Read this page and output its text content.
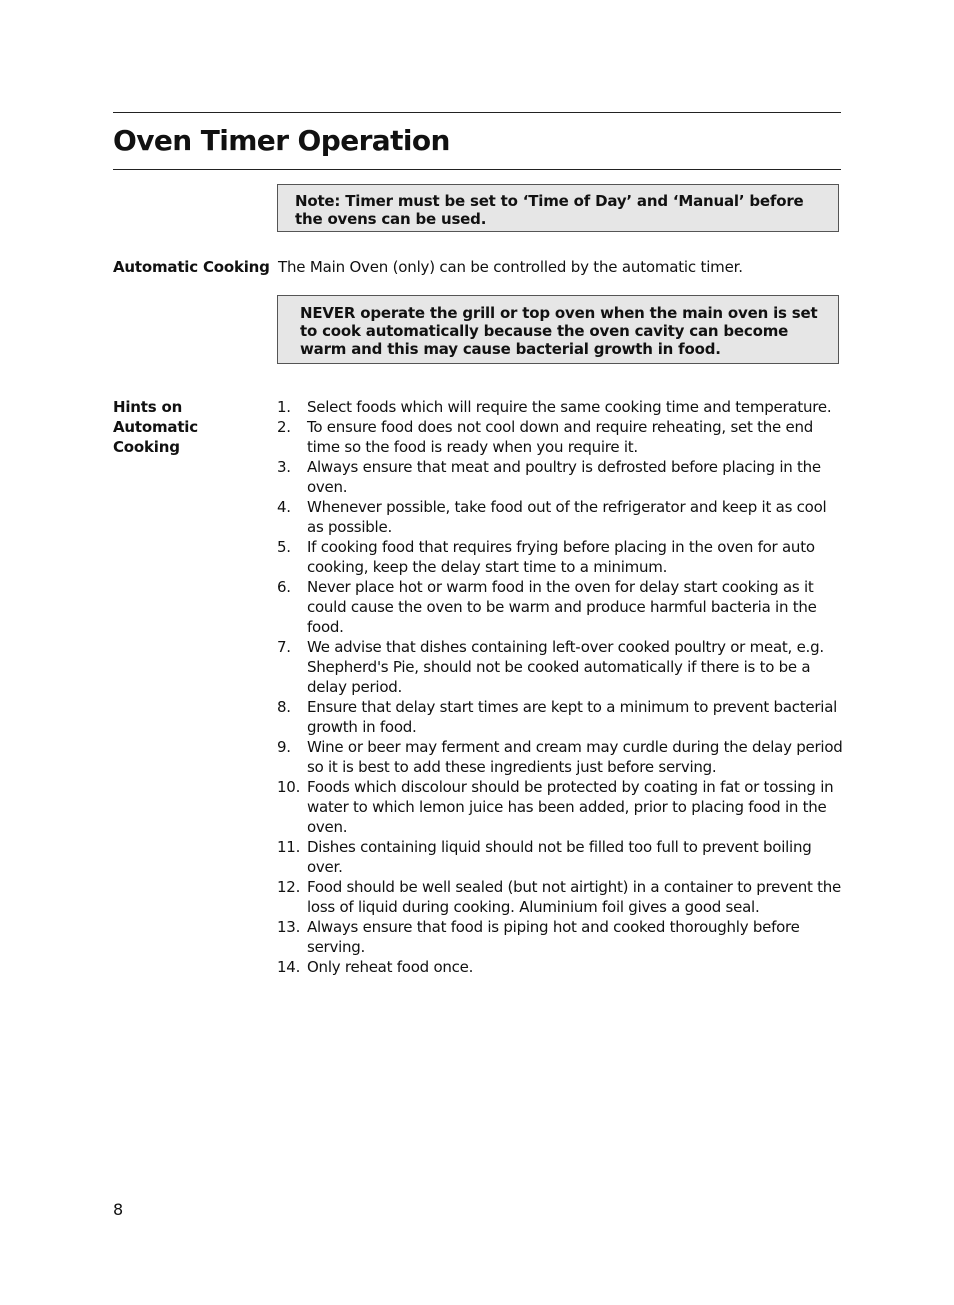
Oven Timer Operation
Note: Timer must be set to ‘Time of Day’ and ‘Manual’ before the ovens can be used.
Automatic Cooking The Main Oven (only) can be controlled by the automatic timer.
NEVER operate the grill or top oven when the main oven is set to cook automatically because the oven cavity can become warm and this may cause bacterial growth in food.
Hints on Automatic Cooking
1. Select foods which will require the same cooking time and temperature.
2. To ensure food does not cool down and require reheating, set the end time so the food is ready when you require it.
3. Always ensure that meat and poultry is defrosted before placing in the oven.
4. Whenever possible, take food out of the refrigerator and keep it as cool as possible.
5. If cooking food that requires frying before placing in the oven for auto cooking, keep the delay start time to a minimum.
6. Never place hot or warm food in the oven for delay start cooking as it could cause the oven to be warm and produce harmful bacteria in the food.
7. We advise that dishes containing left-over cooked poultry or meat, e.g. Shepherd's Pie, should not be cooked automatically if there is to be a delay period.
8. Ensure that delay start times are kept to a minimum to prevent bacterial growth in food.
9. Wine or beer may ferment and cream may curdle during the delay period so it is best to add these ingredients just before serving.
10. Foods which discolour should be protected by coating in fat or tossing in water to which lemon juice has been added, prior to placing food in the oven.
11. Dishes containing liquid should not be filled too full to prevent boiling over.
12. Food should be well sealed (but not airtight) in a container to prevent the loss of liquid during cooking. Aluminium foil gives a good seal.
13. Always ensure that food is piping hot and cooked thoroughly before serving.
14. Only reheat food once.
8
